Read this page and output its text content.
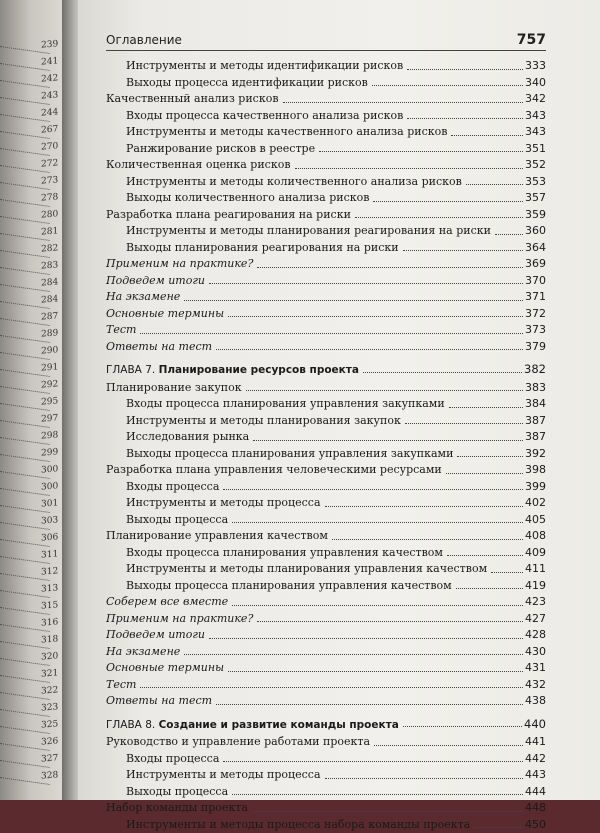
239
241
242
243
244
267
270
272
273
278
280
281
282
283
284
284
287
289
290
291
292
295
297
298
299
300
300
301
303
306
311
312
313
315
316
318
320
321
322
323
325
326
327
328
Оглавление	757
Инструменты и методы идентификации рисков	333
Выходы процесса идентификации рисков	340
Качественный анализ рисков	342
Входы процесса качественного анализа рисков	343
Инструменты и методы качественного анализа рисков	343
Ранжирование рисков в реестре	351
Количественная оценка рисков	352
Инструменты и методы количественного анализа рисков	353
Выходы количественного анализа рисков	357
Разработка плана реагирования на риски	359
Инструменты и методы планирования реагирования на риски	360
Выходы планирования реагирования на риски	364
Применим на практике?	369
Подведем итоги	370
На экзамене	371
Основные термины	372
Тест	373
Ответы на тест	379
ГЛАВА 7. Планирование ресурсов проекта	382
Планирование закупок	383
Входы процесса планирования управления закупками	384
Инструменты и методы планирования закупок	387
Исследования рынка	387
Выходы процесса планирования управления закупками	392
Разработка плана управления человеческими ресурсами	398
Входы процесса	399
Инструменты и методы процесса	402
Выходы процесса	405
Планирование управления качеством	408
Входы процесса планирования управления качеством	409
Инструменты и методы планирования управления качеством	411
Выходы процесса планирования управления качеством	419
Соберем все вместе	423
Применим на практике?	427
Подведем итоги	428
На экзамене	430
Основные термины	431
Тест	432
Ответы на тест	438
ГЛАВА 8. Создание и развитие команды проекта	440
Руководство и управление работами проекта	441
Входы процесса	442
Инструменты и методы процесса	443
Выходы процесса	444
Набор команды проекта	448
Инструменты и методы процесса набора команды проекта	450
